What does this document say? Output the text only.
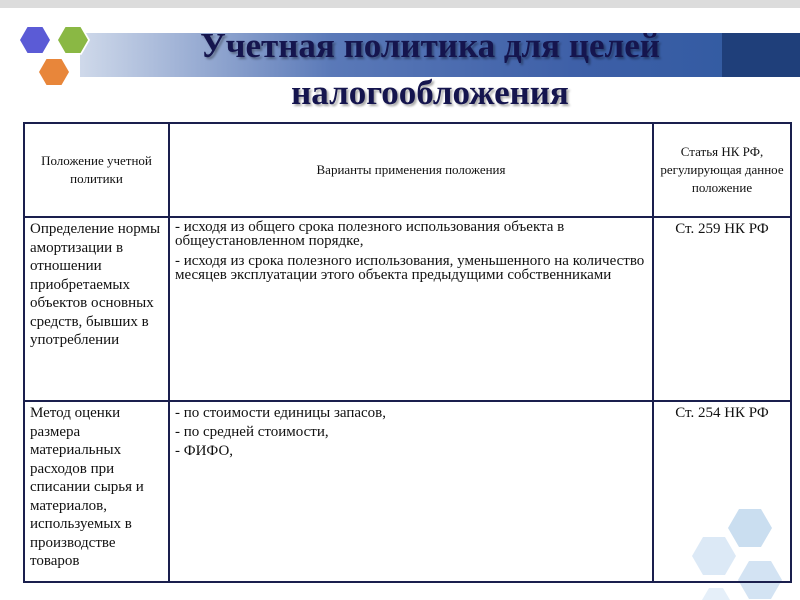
Учетная политика для целей
налогообложения
Положение учетной политики	Варианты применения положения	Статья НК РФ, регулирующая данное положение
Определение нормы амортизации в отношении приобретаемых объектов основных средств, бывших в употреблении	- исходя из общего срока полезного использования объекта в общеустановленном порядке,

- исходя из срока полезного использования, уменьшенного на количество месяцев эксплуатации этого объекта предыдущими собственниками	Ст. 259 НК РФ
Метод оценки размера материальных расходов при списании сырья и материалов, используемых в производстве товаров	- по стоимости единицы запасов,

- по средней стоимости,

- ФИФО,	Ст. 254 НК РФ
